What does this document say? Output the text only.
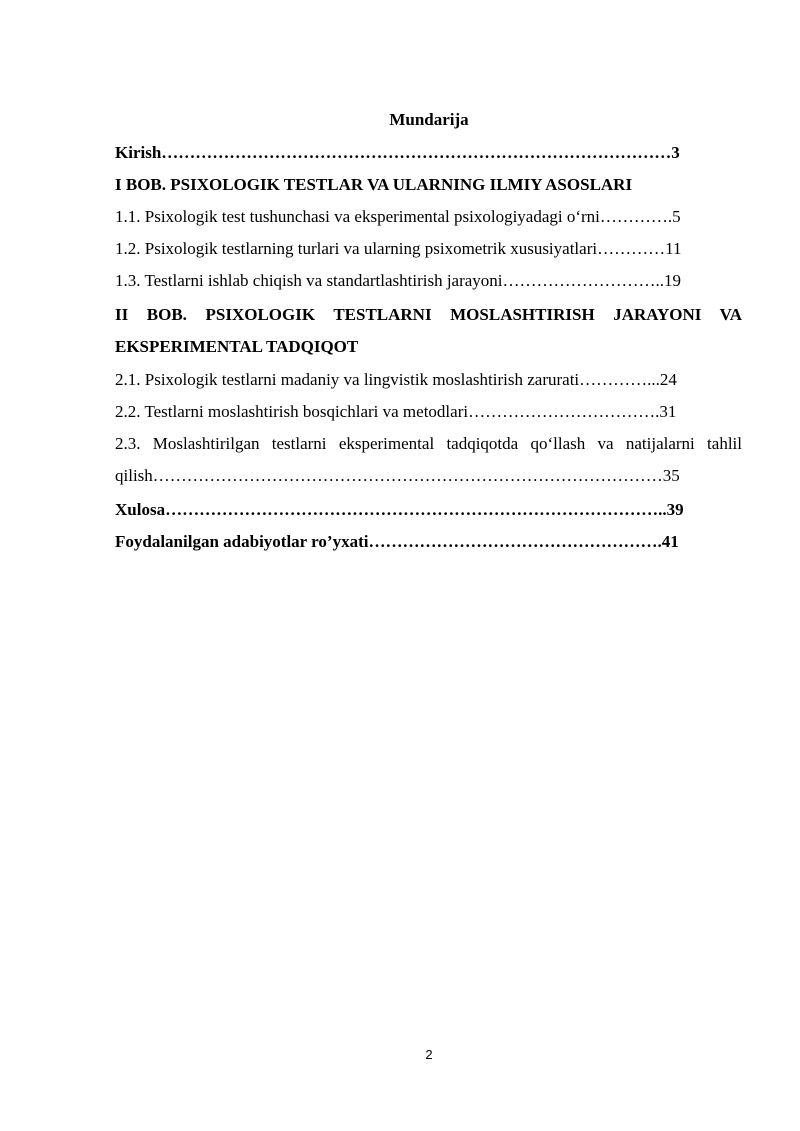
Mundarija
Kirish………………………………………………………………………………3
I BOB. PSIXOLOGIK TESTLAR VA ULARNING ILMIY ASOSLARI
1.1. Psixologik test tushunchasi va eksperimental psixologiyadagi o‘rni………….5
1.2. Psixologik testlarning turlari va ularning psixometrik xususiyatlari…………11
1.3. Testlarni ishlab chiqish va standartlashtirish jarayoni………………………..19
II BOB. PSIXOLOGIK TESTLARNI MOSLASHTIRISH JARAYONI VA
EKSPERIMENTAL TADQIQOT
2.1. Psixologik testlarni madaniy va lingvistik moslashtirish zarurati…………...24
2.2. Testlarni moslashtirish bosqichlari va metodlari…………………………….31
2.3. Moslashtirilgan testlarni eksperimental tadqiqotda qo‘llash va natijalarni tahlil
qilish………………………………………………………………………………35
Xulosa……………………………………………………………………………..39
Foydalanilgan adabiyotlar ro’yxati…………………………………………….41
2
